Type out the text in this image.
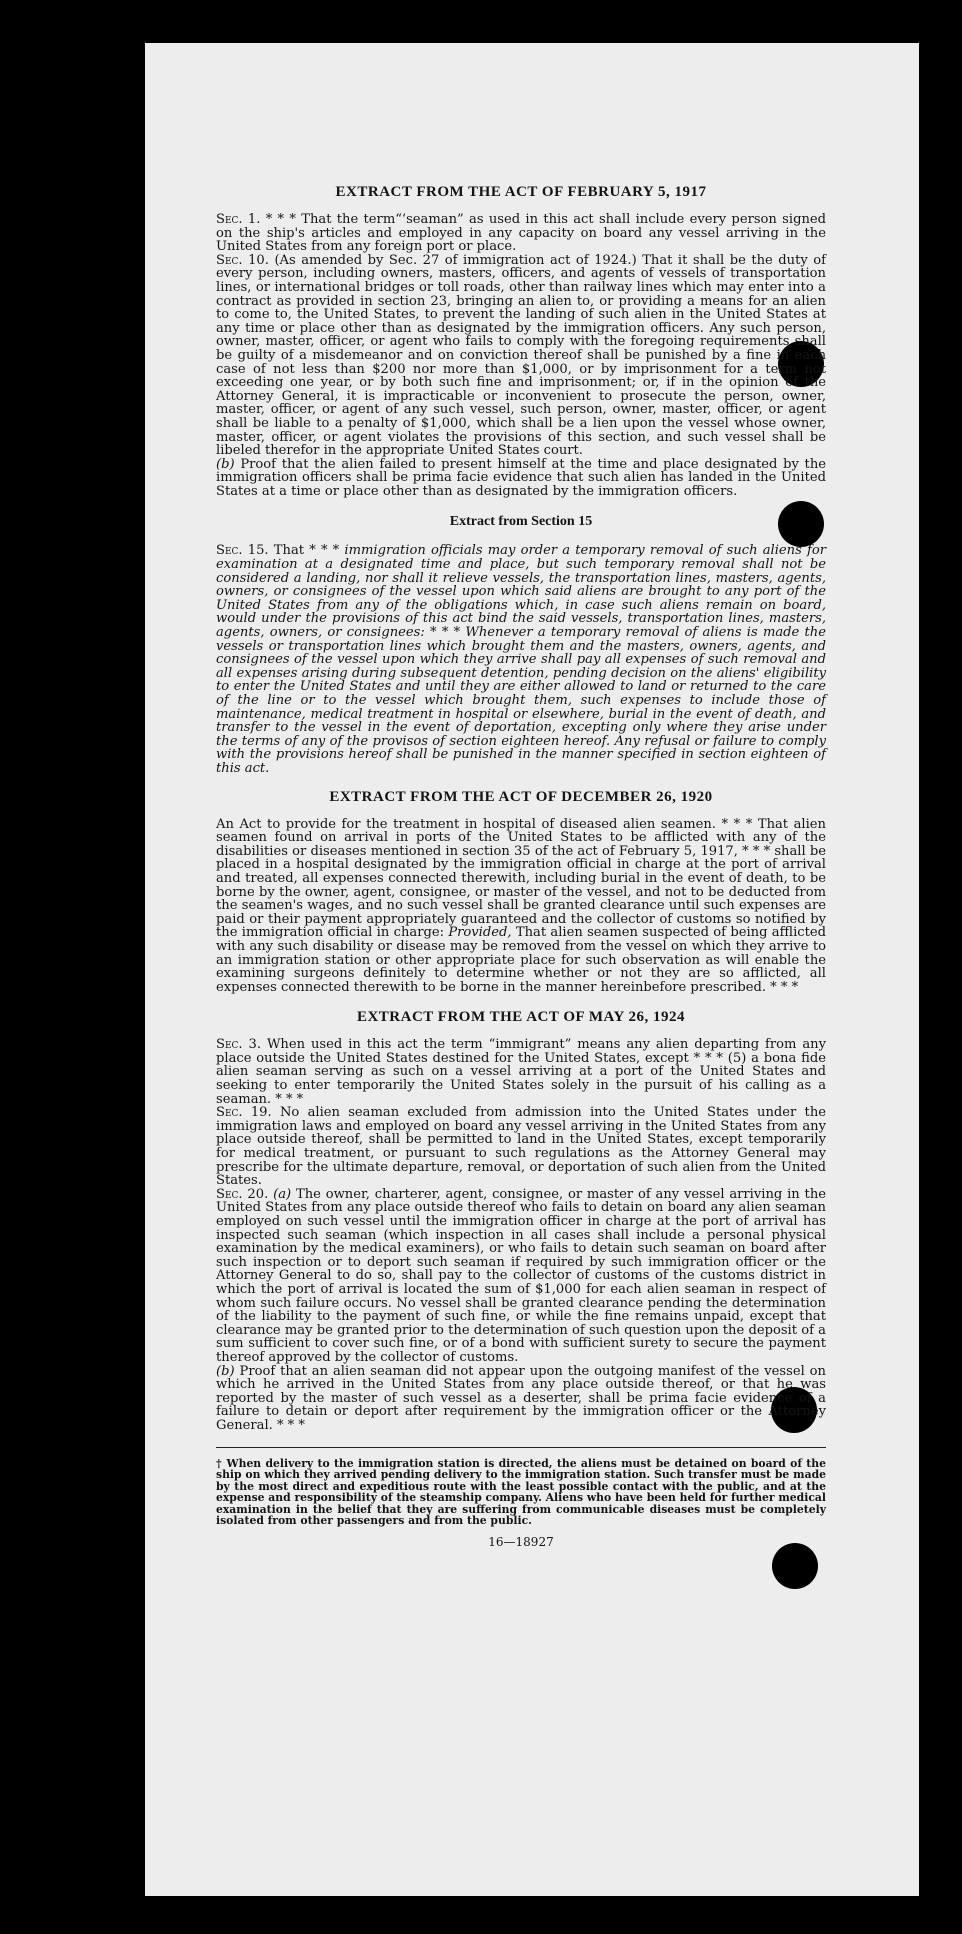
EXTRACT FROM THE ACT OF FEBRUARY 5, 1917

Sec. 1. * * * That the term“‘seaman” as used in this act shall include every person signed on the ship's articles and employed in any capacity on board any vessel arriving in the United States from any foreign port or place.

Sec. 10. (As amended by Sec. 27 of immigration act of 1924.) That it shall be the duty of every person, including owners, masters, officers, and agents of vessels of transportation lines, or international bridges or toll roads, other than railway lines which may enter into a contract as provided in section 23, bringing an alien to, or providing a means for an alien to come to, the United States, to prevent the landing of such alien in the United States at any time or place other than as designated by the immigration officers. Any such person, owner, master, officer, or agent who fails to comply with the foregoing requirements shall be guilty of a misdemeanor and on conviction thereof shall be punished by a fine in each case of not less than $200 nor more than $1,000, or by imprisonment for a term not exceeding one year, or by both such fine and imprisonment; or, if in the opinion of the Attorney General, it is impracticable or inconvenient to prosecute the person, owner, master, officer, or agent of any such vessel, such person, owner, master, officer, or agent shall be liable to a penalty of $1,000, which shall be a lien upon the vessel whose owner, master, officer, or agent violates the provisions of this section, and such vessel shall be libeled therefor in the appropriate United States court.

(b) Proof that the alien failed to present himself at the time and place designated by the immigration officers shall be prima facie evidence that such alien has landed in the United States at a time or place other than as designated by the immigration officers.

Extract from Section 15

Sec. 15. That * * * immigration officials may order a temporary removal of such aliens for examination at a designated time and place, but such temporary removal shall not be considered a landing, nor shall it relieve vessels, the transportation lines, masters, agents, owners, or consignees of the vessel upon which said aliens are brought to any port of the United States from any of the obligations which, in case such aliens remain on board, would under the provisions of this act bind the said vessels, transportation lines, masters, agents, owners, or consignees: * * * Whenever a temporary removal of aliens is made the vessels or transportation lines which brought them and the masters, owners, agents, and consignees of the vessel upon which they arrive shall pay all expenses of such removal and all expenses arising during subsequent detention, pending decision on the aliens' eligibility to enter the United States and until they are either allowed to land or returned to the care of the line or to the vessel which brought them, such expenses to include those of maintenance, medical treatment in hospital or elsewhere, burial in the event of death, and transfer to the vessel in the event of deportation, excepting only where they arise under the terms of any of the provisos of section eighteen hereof. Any refusal or failure to comply with the provisions hereof shall be punished in the manner specified in section eighteen of this act.

EXTRACT FROM THE ACT OF DECEMBER 26, 1920

An Act to provide for the treatment in hospital of diseased alien seamen. * * * That alien seamen found on arrival in ports of the United States to be afflicted with any of the disabilities or diseases mentioned in section 35 of the act of February 5, 1917, * * * shall be placed in a hospital designated by the immigration official in charge at the port of arrival and treated, all expenses connected therewith, including burial in the event of death, to be borne by the owner, agent, consignee, or master of the vessel, and not to be deducted from the seamen's wages, and no such vessel shall be granted clearance until such expenses are paid or their payment appropriately guaranteed and the collector of customs so notified by the immigration official in charge: Provided, That alien seamen suspected of being afflicted with any such disability or disease may be removed from the vessel on which they arrive to an immigration station or other appropriate place for such observation as will enable the examining surgeons definitely to determine whether or not they are so afflicted, all expenses connected therewith to be borne in the manner hereinbefore prescribed. * * *

EXTRACT FROM THE ACT OF MAY 26, 1924

Sec. 3. When used in this act the term “immigrant” means any alien departing from any place outside the United States destined for the United States, except * * * (5) a bona fide alien seaman serving as such on a vessel arriving at a port of the United States and seeking to enter temporarily the United States solely in the pursuit of his calling as a seaman. * * *

Sec. 19. No alien seaman excluded from admission into the United States under the immigration laws and employed on board any vessel arriving in the United States from any place outside thereof, shall be permitted to land in the United States, except temporarily for medical treatment, or pursuant to such regulations as the Attorney General may prescribe for the ultimate departure, removal, or deportation of such alien from the United States.

Sec. 20. (a) The owner, charterer, agent, consignee, or master of any vessel arriving in the United States from any place outside thereof who fails to detain on board any alien seaman employed on such vessel until the immigration officer in charge at the port of arrival has inspected such seaman (which inspection in all cases shall include a personal physical examination by the medical examiners), or who fails to detain such seaman on board after such inspection or to deport such seaman if required by such immigration officer or the Attorney General to do so, shall pay to the collector of customs of the customs district in which the port of arrival is located the sum of $1,000 for each alien seaman in respect of whom such failure occurs. No vessel shall be granted clearance pending the determination of the liability to the payment of such fine, or while the fine remains unpaid, except that clearance may be granted prior to the determination of such question upon the deposit of a sum sufficient to cover such fine, or of a bond with sufficient surety to secure the payment thereof approved by the collector of customs.

(b) Proof that an alien seaman did not appear upon the outgoing manifest of the vessel on which he arrived in the United States from any place outside thereof, or that he was reported by the master of such vessel as a deserter, shall be prima facie evidence of a failure to detain or deport after requirement by the immigration officer or the Attorney General. * * *

† When delivery to the immigration station is directed, the aliens must be detained on board of the ship on which they arrived pending delivery to the immigration station. Such transfer must be made by the most direct and expeditious route with the least possible contact with the public, and at the expense and responsibility of the steamship company. Aliens who have been held for further medical examination in the belief that they are suffering from communicable diseases must be completely isolated from other passengers and from the public.

16—18927
